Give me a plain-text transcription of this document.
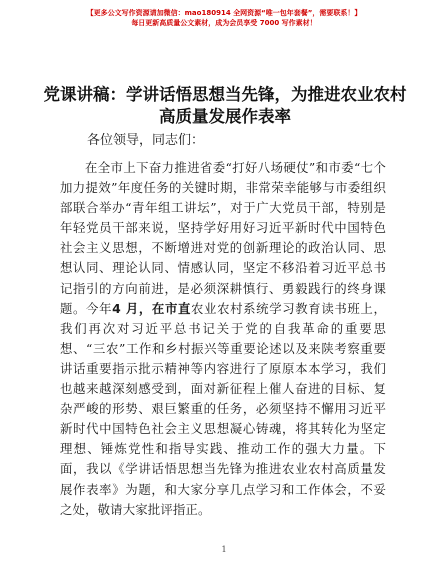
【更多公文写作资源请加微信：mao180914 全网资源“唯一包年套餐”，需要联系！】
每日更新高质量公文素材，成为会员享受 7000 写作素材！
党课讲稿：学讲话悟思想当先锋，为推进农业农村高质量发展作表率
各位领导，同志们：

在全市上下奋力推进省委“打好八场硬仗”和市委“七个加力提效”年度任务的关键时期，非常荣幸能够与市委组织部联合举办“青年组工讲坛”，对于广大党员干部，特别是年轻党员干部来说，坚持学好用好习近平新时代中国特色社会主义思想，不断增进对党的创新理论的政治认同、思想认同、理论认同、情感认同，坚定不移沿着习近平总书记指引的方向前进，是必须深耕慎行、勇毅践行的终身课题。今年4 月，在市直农业农村系统学习教育读书班上，我们再次对习近平总书记关于党的自我革命的重要思想、“三农”工作和乡村振兴等重要论述以及来陕考察重要讲话重要指示批示精神等内容进行了原原本本学习，我们也越来越深刻感受到，面对新征程上催人奋进的目标、复杂严峻的形势、艰巨繁重的任务，必须坚持不懈用习近平新时代中国特色社会主义思想凝心铸魂，将其转化为坚定理想、锤炼党性和指导实践、推动工作的强大力量。下面，我以《学讲话悟思想当先锋为推进农业农村高质量发展作表率》为题，和大家分享几点学习和工作体会，不妥之处，敬请大家批评指正。

1
